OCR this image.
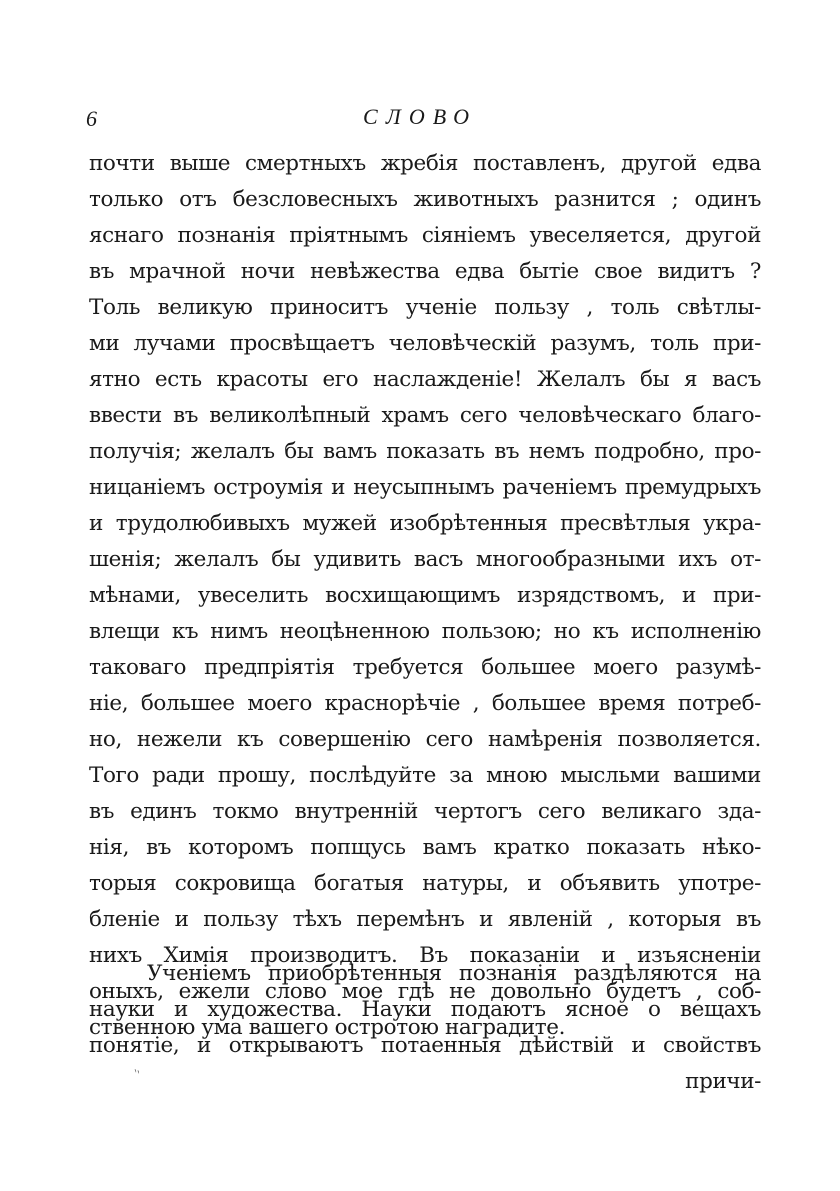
6	СЛОВО
почти выше смертныхъ жребія поставленъ, другой едва
только отъ безсловесныхъ животныхъ разнится ; одинъ
яснаго познанія пріятнымъ сіяніемъ увеселяется, другой
въ мрачной ночи невѣжества едва бытіе свое видитъ ?
Толь великую приноситъ ученіе пользу , толь свѣтлы-
ми лучами просвѣщаетъ человѣческій разумъ, толь при-
ятно есть красоты его наслажденіе! Желалъ бы я васъ
ввести въ великолѣпный храмъ сего человѣческаго благо-
получія; желалъ бы вамъ показать въ немъ подробно, про-
ницаніемъ остроумія и неусыпнымъ раченіемъ премудрыхъ
и трудолюбивыхъ мужей изобрѣтенныя пресвѣтлыя укра-
шенія; желалъ бы удивить васъ многообразными ихъ от-
мѣнами, увеселить восхищающимъ изрядствомъ, и при-
влещи къ нимъ неоцѣненною пользою; но къ исполненію
таковаго предпріятія требуется большее моего разумѣ-
ніе, большее моего краснорѣчіе , большее время потреб-
но, нежели къ совершенію сего намѣренія позволяется.
Того ради прошу, послѣдуйте за мною мысльми вашими
въ единъ токмо внутренній чертогъ сего великаго зда-
нія, въ которомъ попщусь вамъ кратко показать нѣко-
торыя сокровища богатыя натуры, и объявить употре-
бленіе и пользу тѣхъ перемѣнъ и явленій , которыя въ
нихъ Химія производитъ. Въ показаніи и изъясненіи
оныхъ, ежели слово мое гдѣ не довольно будетъ , соб-
ственною ума вашего остротою наградите.
Ученіемъ приобрѣтенныя познанія раздѣляются на
науки и художества. Науки подаютъ ясное о вещахъ
понятіе, и открываютъ потаенныя дѣйствій и свойствъ
причи-
‵‵
